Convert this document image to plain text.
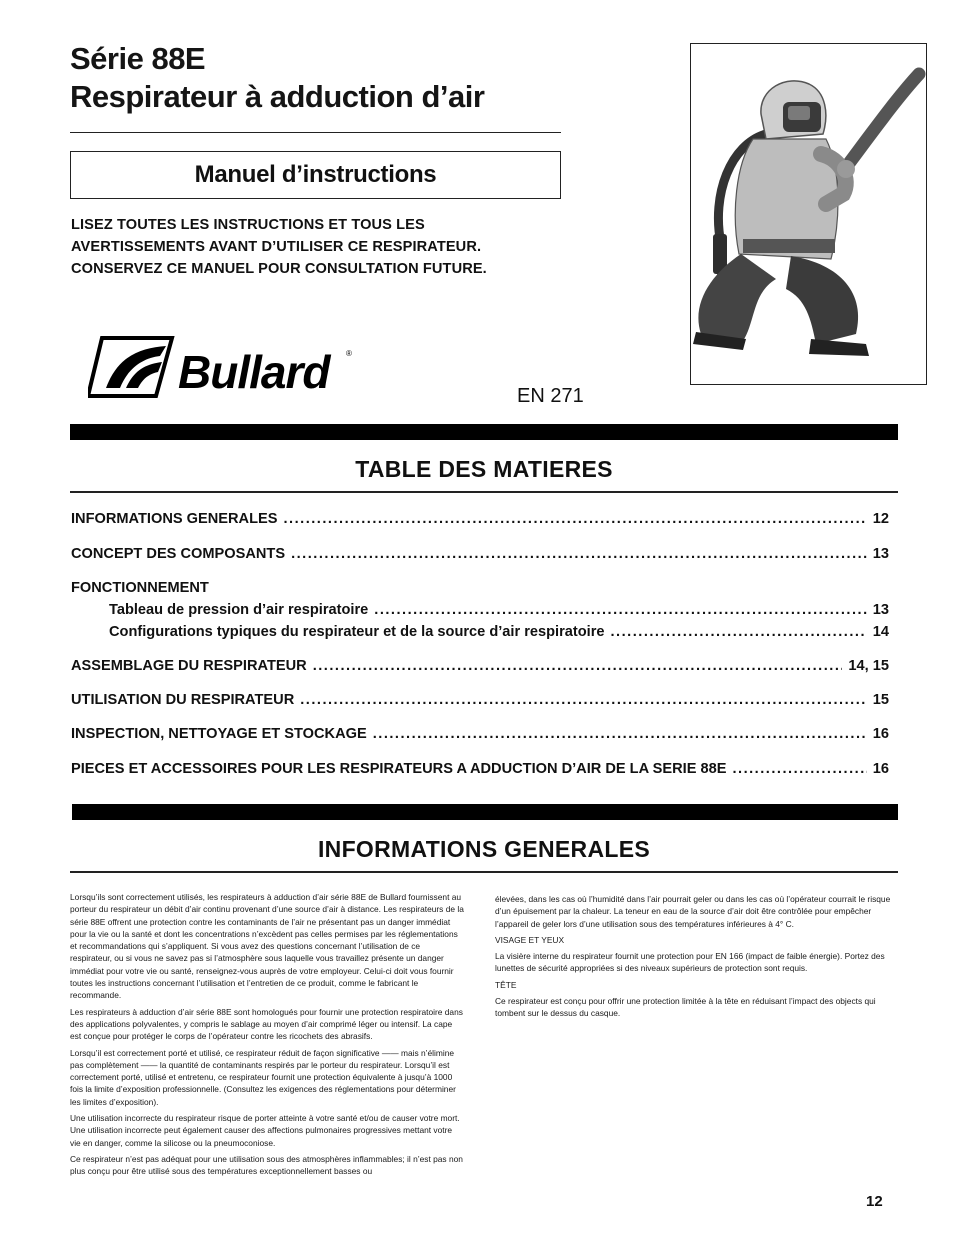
Série 88E
Respirateur à adduction d’air
Manuel d’instructions
LISEZ TOUTES LES INSTRUCTIONS ET TOUS LES
AVERTISSEMENTS AVANT D’UTILISER CE RESPIRATEUR.
CONSERVEZ CE MANUEL POUR CONSULTATION FUTURE.
Bullard ®
EN 271
TABLE DES MATIERES
INFORMATIONS GENERALES .....	12
CONCEPT DES COMPOSANTS .....	13
FONCTIONNEMENT
Tableau de pression d’air respiratoire .....	13
Configurations typiques du respirateur et de la source d’air respiratoire .....	14
ASSEMBLAGE DU RESPIRATEUR .....	14, 15
UTILISATION DU RESPIRATEUR .....	15
INSPECTION, NETTOYAGE ET STOCKAGE .....	16
PIECES ET ACCESSOIRES POUR LES RESPIRATEURS A ADDUCTION D’AIR DE LA SERIE 88E .....	16
INFORMATIONS GENERALES

Lorsqu’ils sont correctement utilisés, les respirateurs à adduction d’air série 88E de Bullard fournissent au porteur du respirateur un débit d’air continu provenant d’une source d’air à distance. Les respirateurs de la série 88E offrent une protection contre les contaminants de l’air ne présentant pas un danger immédiat pour la vie ou la santé et dont les concentrations n’excèdent pas celles permises par les réglementations et recommandations qui s’appliquent. Si vous avez des questions concernant l’utilisation de ce respirateur, ou si vous ne savez pas si l’atmosphère sous laquelle vous travaillez présente un danger immédiat pour votre vie ou santé, renseignez-vous auprès de votre employeur. Celui-ci doit vous fournir toutes les instructions concernant l’utilisation et l’entretien de ce produit, comme le fabricant le recommande.

Les respirateurs à adduction d’air série 88E sont homologués pour fournir une protection respiratoire dans des applications polyvalentes, y compris le sablage au moyen d’air comprimé léger ou intensif. La cape est conçue pour protéger le corps de l’opérateur contre les ricochets des abrasifs.

Lorsqu’il est correctement porté et utilisé, ce respirateur réduit de façon significative —— mais n’élimine pas complètement —— la quantité de contaminants respirés par le porteur du respirateur. Lorsqu’il est correctement porté, utilisé et entretenu, ce respirateur fournit une protection équivalente à jusqu’à 1000 fois la limite d’exposition professionnelle. (Consultez les exigences des réglementations pour déterminer les limites d’exposition).

Une utilisation incorrecte du respirateur risque de porter atteinte à votre santé et/ou de causer votre mort. Une utilisation incorrecte peut également causer des affections pulmonaires progressives mettant votre vie en danger, comme la silicose ou la pneumoconiose.

Ce respirateur n’est pas adéquat pour une utilisation sous des atmosphères inflammables; il n’est pas non plus conçu pour être utilisé sous des températures exceptionnellement basses ou

élevées, dans les cas où l’humidité dans l’air pourrait geler ou dans les cas où l’opérateur courrait le risque d’un épuisement par la chaleur. La teneur en eau de la source d’air doit être contrôlée pour empêcher l’appareil de geler lors d’une utilisation sous des températures inférieures à 4° C.

VISAGE ET YEUX

La visière interne du respirateur fournit une protection pour EN 166 (impact de faible énergie). Portez des lunettes de sécurité appropriées si des niveaux supérieurs de protection sont requis.

TÊTE

Ce respirateur est conçu pour offrir une protection limitée à la tête en réduisant l’impact des objects qui tombent sur le dessus du casque.

12
